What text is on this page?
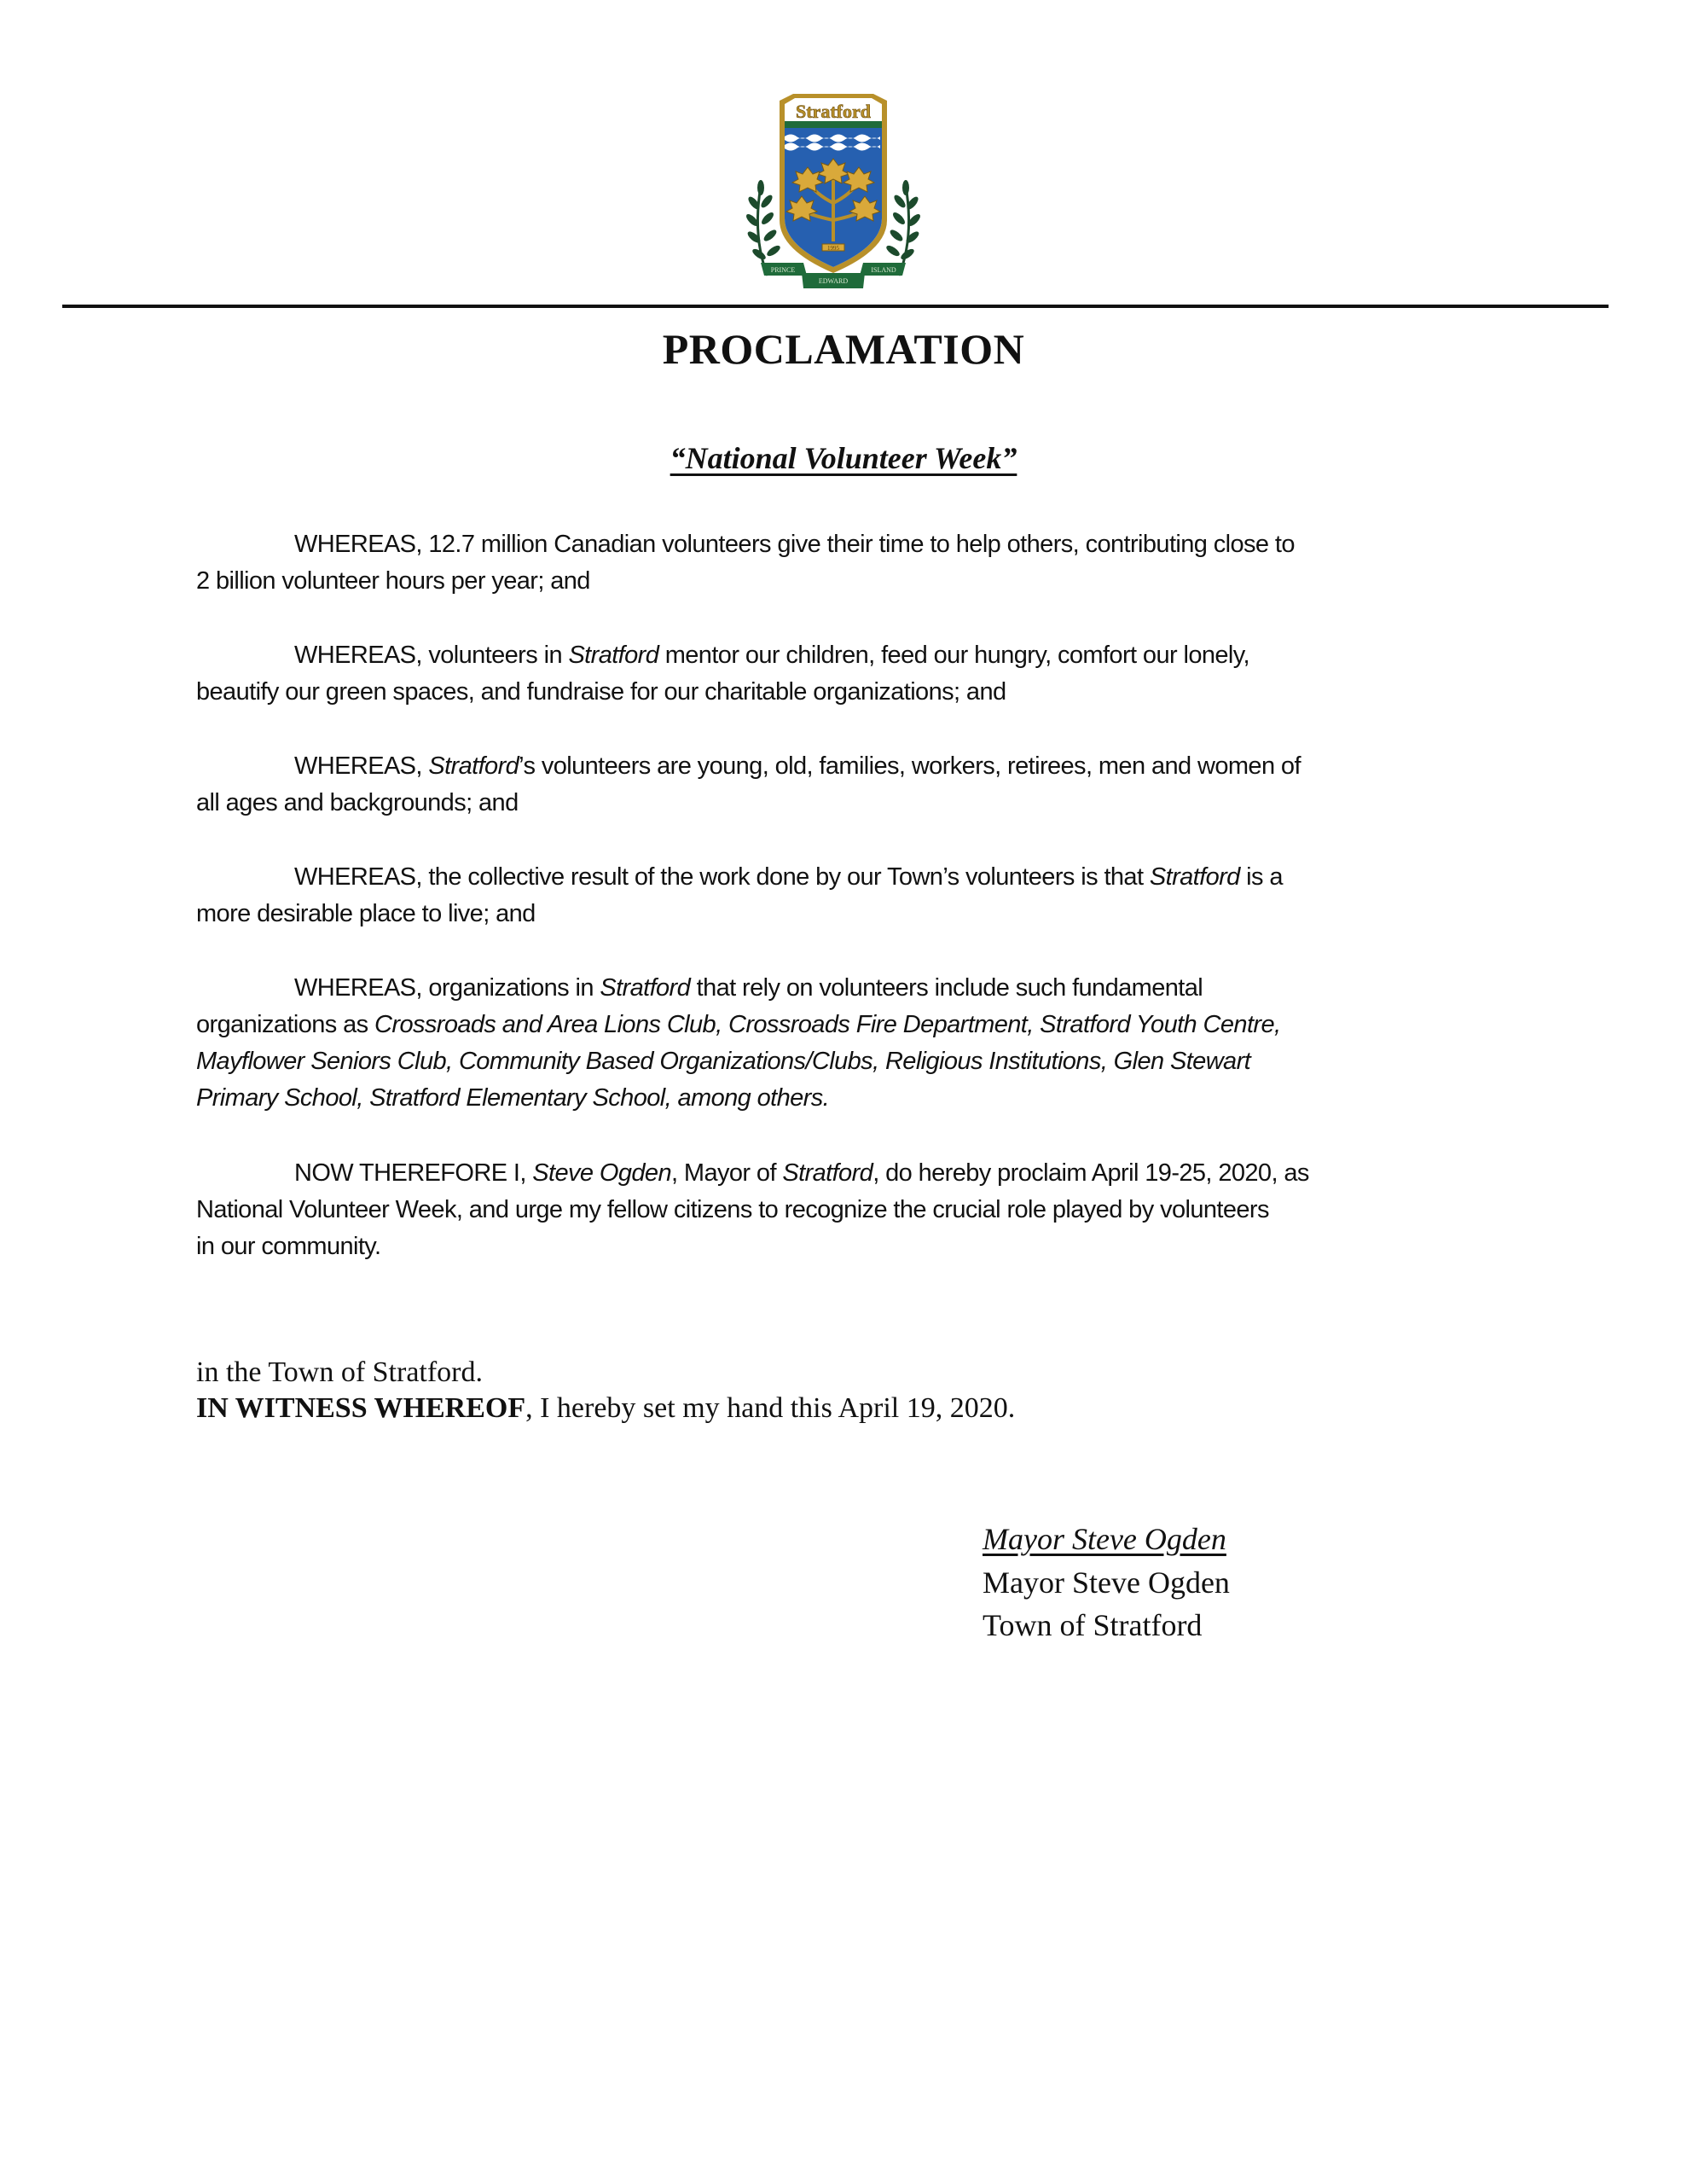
1995
Stratford
PRINCE
EDWARD
ISLAND
PROCLAMATION
“National Volunteer Week”
WHEREAS, 12.7 million Canadian volunteers give their time to help others, contributing close to
2 billion volunteer hours per year; and
WHEREAS, volunteers in Stratford mentor our children, feed our hungry, comfort our lonely,
beautify our green spaces, and fundraise for our charitable organizations; and
WHEREAS, Stratford’s volunteers are young, old, families, workers, retirees, men and women of
all ages and backgrounds; and
WHEREAS, the collective result of the work done by our Town’s volunteers is that Stratford is a
more desirable place to live; and
WHEREAS, organizations in Stratford that rely on volunteers include such fundamental
organizations as Crossroads and Area Lions Club, Crossroads Fire Department, Stratford Youth Centre,
Mayflower Seniors Club, Community Based Organizations/Clubs, Religious Institutions, Glen Stewart
Primary School, Stratford Elementary School, among others.
NOW THEREFORE I, Steve Ogden, Mayor of Stratford, do hereby proclaim April 19-25, 2020, as
National Volunteer Week, and urge my fellow citizens to recognize the crucial role played by volunteers
in our community.
in the Town of Stratford.
IN WITNESS WHEREOF, I hereby set my hand this April 19, 2020.
Mayor Steve Ogden
Mayor Steve Ogden
Town of Stratford
